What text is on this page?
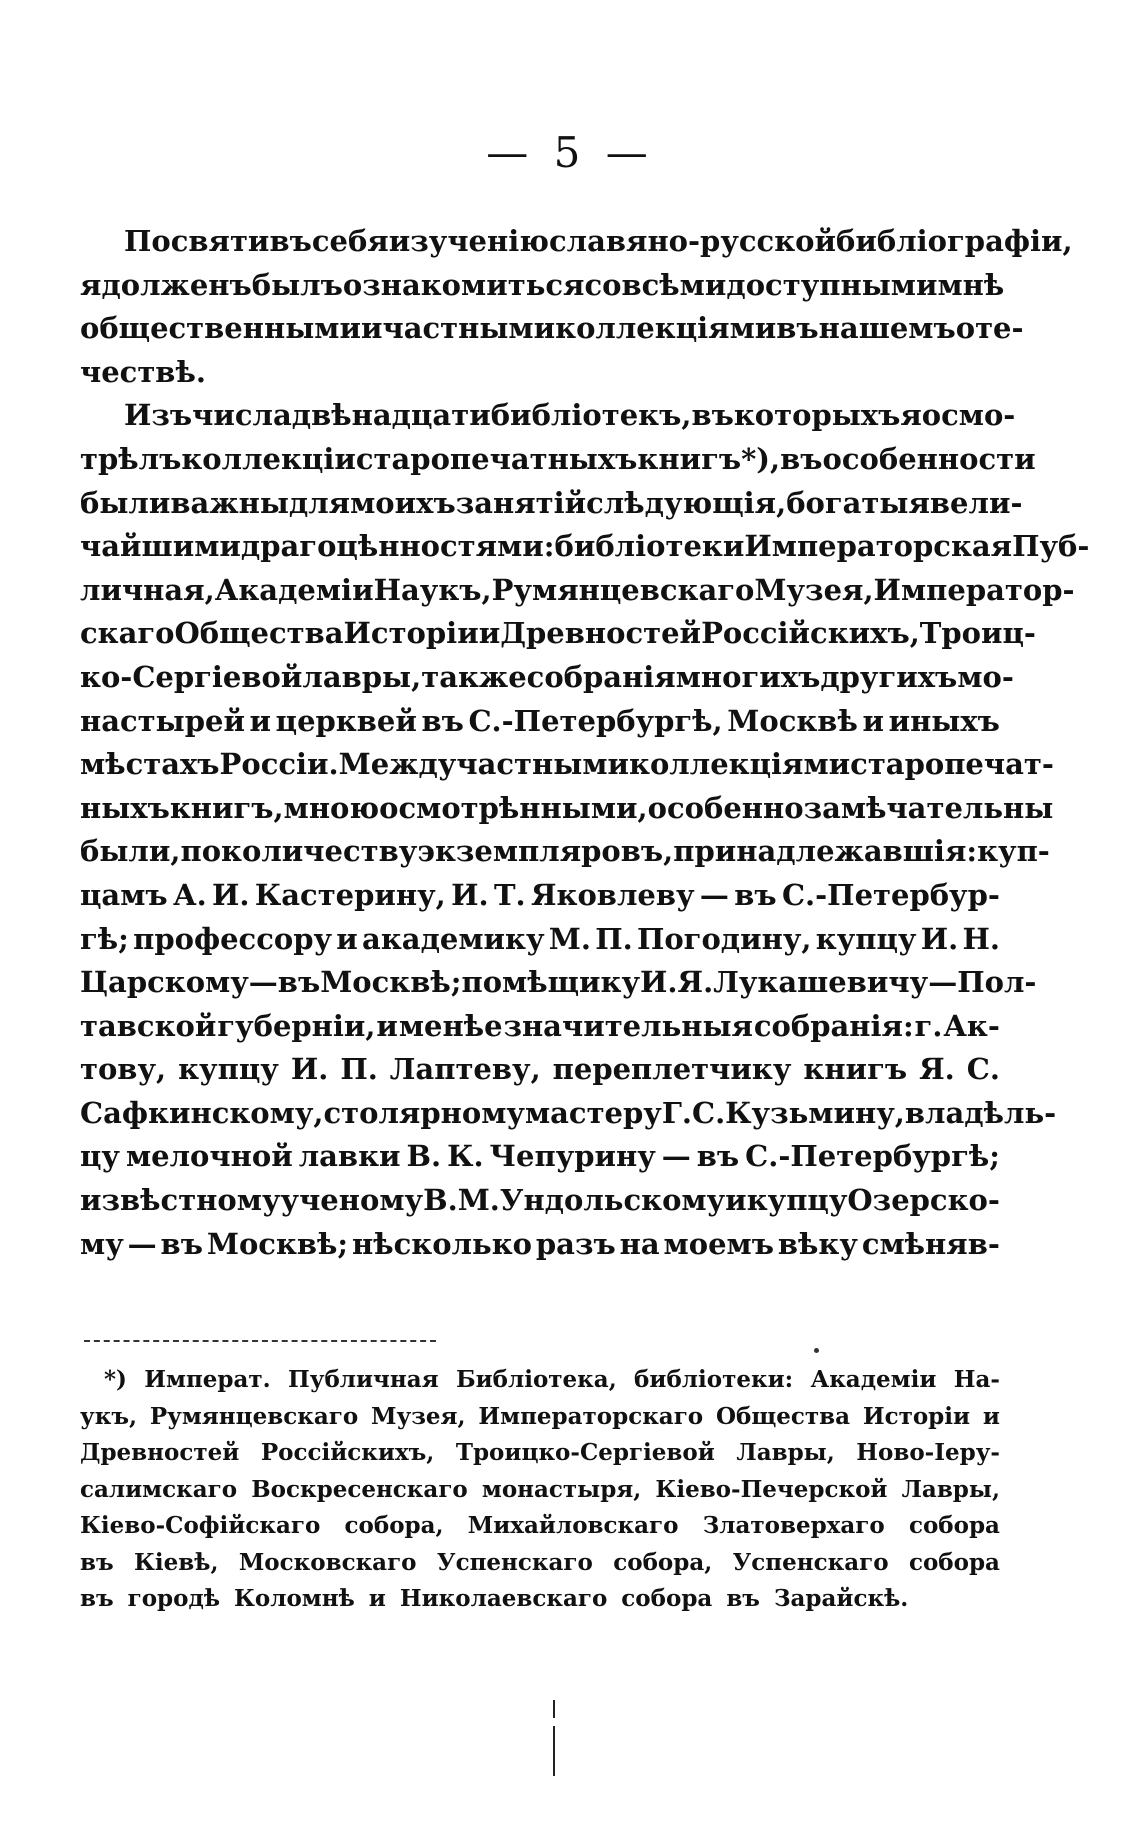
— 5 —
Посвятивъ себя изученію славяно-русской библіографіи,
я долженъ былъ ознакомиться со всѣми доступными мнѣ
общественными и частными коллекціями въ нашемъ оте-
чествѣ.
Изъ числа двѣнадцати библіотекъ, въ которыхъ я осмо-
трѣлъ коллекціи старопечатныхъ книгъ *), въ особенности
были важны для моихъ занятій слѣдующія, богатыя вели-
чайшими драгоцѣнностями: библіотеки Императорская Пуб-
личная, Академіи Наукъ, Румянцевскаго Музея, Император-
скаго Общества Исторіи и Древностей Россійскихъ, Троиц-
ко-Сергіевой лавры, также собранія многихъ другихъ мо-
настырей и церквей въ С.-Петербургѣ, Москвѣ и иныхъ
мѣстахъ Россіи. Между частными коллекціями старопечат-
ныхъ книгъ, мною осмотрѣнными, особенно замѣчательны
были, по количеству экземпляровъ, принадлежавшія: куп-
цамъ А. И. Кастерину, И. Т. Яковлеву — въ С.-Петербур-
гѣ; профессору и академику М. П. Погодину, купцу И. Н.
Царскому—въ Москвѣ; помѣщику И. Я. Лукашевичу—Пол-
тавской губерніи, и менѣе значительныя собранія: г. Ак-
тову, купцу И. П. Лаптеву, переплетчику книгъ Я. С.
Сафкинскому, столярному мастеру Г. С. Кузьмину, владѣль-
цу мелочной лавки В. К. Чепурину — въ С.-Петербургѣ;
извѣстному ученому В. М. Ундольскому и купцу Озерско-
му — въ Москвѣ; нѣсколько разъ на моемъ вѣку смѣняв-
*) Императ. Публичная Библіотека, библіотеки: Академіи На-
укъ, Румянцевскаго Музея, Императорскаго Общества Исторіи и
Древностей Россійскихъ, Троицко-Сергіевой Лавры, Ново-Іеру-
салимскаго Воскресенскаго монастыря, Кіево-Печерской Лавры,
Кіево-Софійскаго собора, Михайловскаго Златоверхаго собора
въ Кіевѣ, Московскаго Успенскаго собора, Успенскаго собора
въ городѣ Коломнѣ и Николаевскаго собора въ Зарайскѣ.
